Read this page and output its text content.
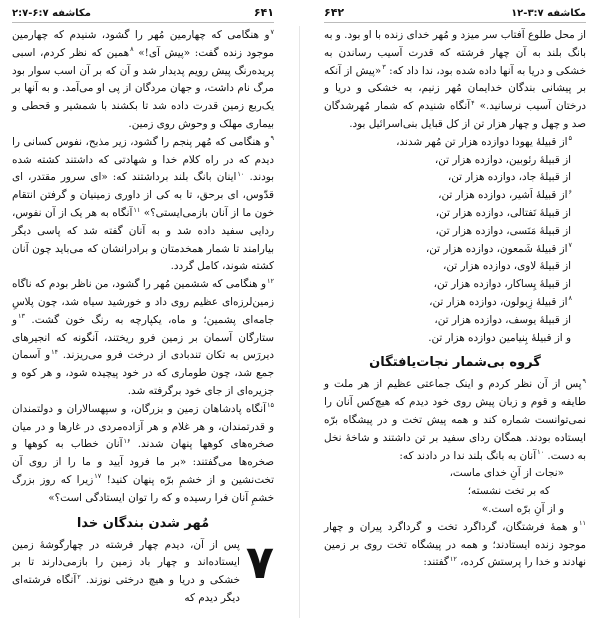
مکاشفه ۳:۷-۱۲
۶۴۲

از محل طلوع آفتاب سر میزد و مُهر خدای زنده با او بود. و به بانگ بلند به آن چهار فرشته که قدرت آسیب رساندن به خشکی و دریا به آنها داده شده بود، ندا داد که: $^۳$«پیش از آنکه بر پیشانی بندگان خدایمان مُهر زنیم، به خشکی و دریا و درختان آسیب نرسانید.» $^۴$آنگاه شنیدم که شمار مُهرشدگان صد و چهل و چهار هزار تن از کل قبایل بنی‌اسرائیل بود.

$^۵$از قبیلهٔ یهودا دوازده هزار تن مُهر شدند،
از قبیلهٔ رئوبین، دوازده هزار تن،
از قبیلهٔ جاد، دوازده هزار تن،
$^۶$از قبیلهٔ اَشیر، دوازده هزار تن،
از قبیلهٔ نَفتالی، دوازده هزار تن،
از قبیلهٔ مَنَسی، دوازده هزار تن،
$^۷$از قبیلهٔ شَمعون، دوازده هزار تن،
از قبیلهٔ لاوی، دوازده هزار تن،
از قبیلهٔ یِساکار، دوازده هزار تن،
$^۸$از قبیلهٔ زِبولون، دوازده هزار تن،
از قبیلهٔ یوسف، دوازده هزار تن،
و از قبیلهٔ بِنیامین دوازده هزار تن.
گروه بی‌شمار نجات‌یافتگان

$^۹$پس از آن نظر کردم و اینک جماعتی عظیم از هر ملت و طایفه و قوم و زبان پیش روی خود دیدم که هیچ‌کس آنان را نمی‌توانست شماره کند و همه پیش تخت و در پیشگاه برّه ایستاده بودند. همگان ردای سفید بر تن داشتند و شاخهٔ نخل به دست. $^{۱۰}$آنان به بانگ بلند ندا در دادند که:

«نجات از آنِ خدای ماست،
که بر تخت نشسته؛
و از آنِ برّه است.»

$^{۱۱}$و همهٔ فرشتگان، گرداگرد تخت و گرداگرد پیران و چهار موجود زنده ایستادند؛ و همه در پیشگاه تخت روی بر زمین نهادند و خدا را پرستش کرده، $^{۱۲}$گفتند:

۶۴۱
مکاشفه ۶:۷-۲:۷

$^۷$و هنگامی که چهارمین مُهر را گشود، شنیدم که چهارمین موجود زنده گفت: «پیش آی!» $^۸$همین که نظر کردم، اسبی پریده‌رنگ پیش رویم پدیدار شد و آن که بر آن اسب سوار بود مرگ نام داشت، و جهان مردگان از پی او می‌آمد. و به آنها بر یک‌ربع زمین قدرت داده شد تا بکشند با شمشیر و قحطی و بیماری مهلک و وحوش روی زمین.

$^۹$و هنگامی که مُهر پنجم را گشود، زیر مذبح، نفوس کسانی را دیدم که در راه کلام خدا و شهادتی که داشتند کشته شده بودند. $^{۱۰}$اینان بانگ بلند برداشتند که: «ای سرور مقتدر، ای قدّوس، ای برحق، تا به کی از داوری زمینیان و گرفتن انتقام خون ما از آنان بازمی‌ایستی؟» $^{۱۱}$آنگاه به هر یک از آن نفوس، ردایی سفید داده شد و به آنان گفته شد که پاسی دیگر بیارامند تا شمار همخدمتان و برادرانشان که می‌باید چون آنان کشته شوند، کامل گردد.

$^{۱۲}$و هنگامی که ششمین مُهر را گشود، من ناظر بودم که ناگاه زمین‌لرزه‌ای عظیم روی داد و خورشید سیاه شد، چون پلاسِ جامه‌ای پشمین؛ و ماه، یکپارچه به رنگ خون گشت. $^{۱۳}$و ستارگان آسمان بر زمین فرو ریختند، آنگونه که انجیرهای دیررَس به تکان تندبادی از درخت فرو می‌ریزند. $^{۱۴}$و آسمان جمع شد، چون طوماری که در خود پیچیده شود، و هر کوه و جزیره‌ای از جای خود برگرفته شد.

$^{۱۵}$آنگاه پادشاهان زمین و بزرگان، و سپهسالاران و دولتمندان و قدرتمندان، و هر غلام و هر آزاده‌مردی در غارها و در میان صخره‌های کوهها پنهان شدند. $^{۱۶}$آنان خطاب به کوهها و صخره‌ها می‌گفتند: «بر ما فرود آیید و ما را از روی آن تخت‌نشین و از خشمِ برّه پنهان کنید! $^{۱۷}$زیرا که روز بزرگ خشمِ آنان فرا رسیده و که را توان ایستادگی است؟»

مُهر شدن بندگان خدا
۷

پس از آن، دیدم چهار فرشته در چهارگوشهٔ زمین ایستاده‌اند و چهار باد زمین را بازمی‌دارند تا بر خشکی و دریا و هیچ درختی نوزند. $^۲$آنگاه فرشته‌ای دیگر دیدم که
